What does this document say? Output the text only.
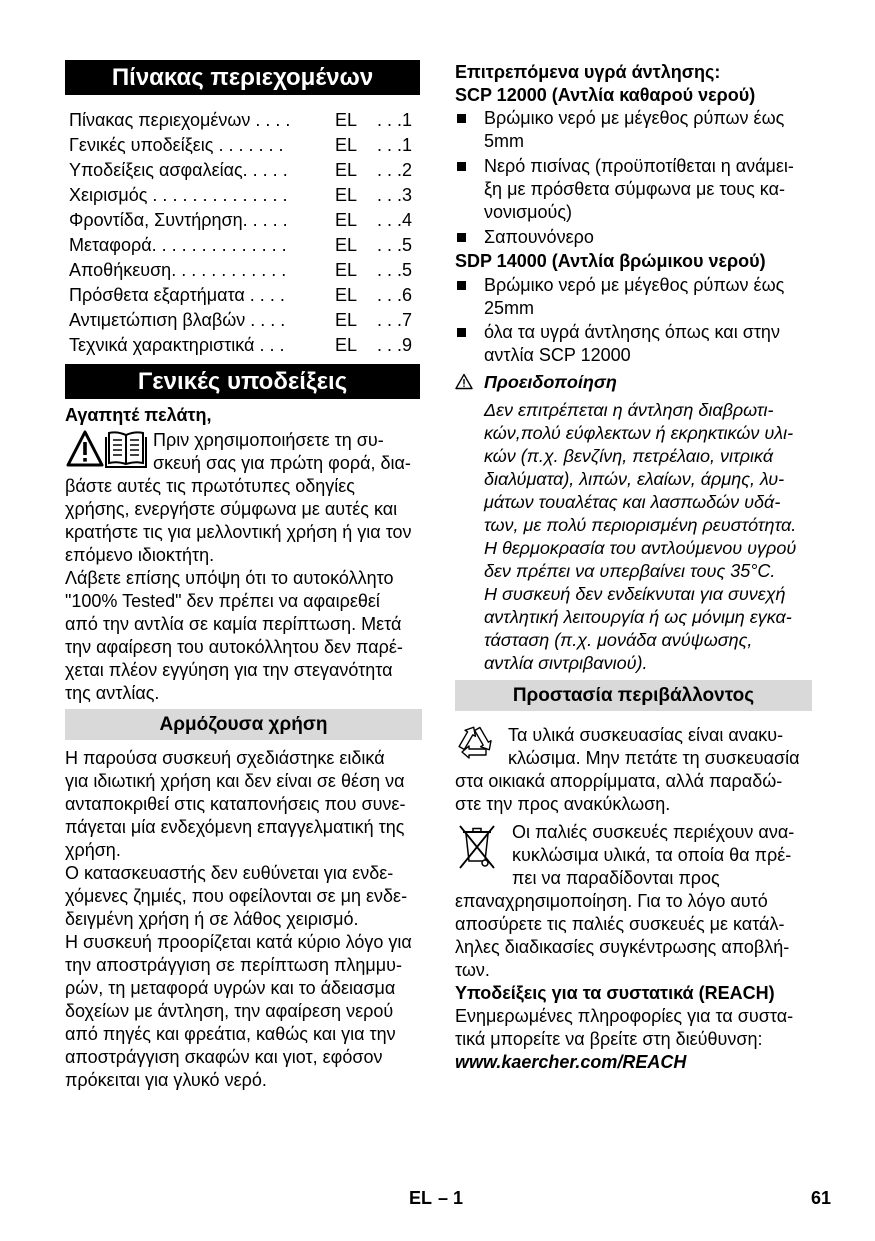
Πίνακας περιεχομένων
Πίνακας περιεχομένων . . . .	EL	. . .1
Γενικές υποδείξεις . . . . . . .	EL	. . .1
Υποδείξεις ασφαλείας. . . . .	EL	. . .2
Χειρισμός . . . . . . . . . . . . . .	EL	. . .3
Φροντίδα, Συντήρηση. . . . .	EL	. . .4
Μεταφορά. . . . . . . . . . . . . .	EL	. . .5
Αποθήκευση. . . . . . . . . . . .	EL	. . .5
Πρόσθετα εξαρτήματα . . . .	EL	. . .6
Αντιμετώπιση βλαβών . . . .	EL	. . .7
Τεχνικά χαρακτηριστικά . . .	EL	. . .9
Γενικές υποδείξεις
Αγαπητέ πελάτη,
Πριν χρησιμοποιήσετε τη συ-
σκευή σας για πρώτη φορά, δια-
βάστε αυτές τις πρωτότυπες οδηγίες
χρήσης, ενεργήστε σύμφωνα με αυτές και
κρατήστε τις για μελλοντική χρήση ή για τον
επόμενο ιδιοκτήτη.
Λάβετε επίσης υπόψη ότι το αυτοκόλλητο
"100% Tested" δεν πρέπει να αφαιρεθεί
από την αντλία σε καμία περίπτωση. Μετά
την αφαίρεση του αυτοκόλλητου δεν παρέ-
χεται πλέον εγγύηση για την στεγανότητα
της αντλίας.
Αρμόζουσα χρήση
Η παρούσα συσκευή σχεδιάστηκε ειδικά
για ιδιωτική χρήση και δεν είναι σε θέση να
ανταποκριθεί στις καταπονήσεις που συνε-
πάγεται μία ενδεχόμενη επαγγελματική της
χρήση.
Ο κατασκευαστής δεν ευθύνεται για ενδε-
χόμενες ζημιές, που οφείλονται σε μη ενδε-
δειγμένη χρήση ή σε λάθος χειρισμό.
Η συσκευή προορίζεται κατά κύριο λόγο για
την αποστράγγιση σε περίπτωση πλημμυ-
ρών, τη μεταφορά υγρών και το άδειασμα
δοχείων με άντληση, την αφαίρεση νερού
από πηγές και φρεάτια, καθώς και για την
αποστράγγιση σκαφών και γιοτ, εφόσον
πρόκειται για γλυκό νερό.
Επιτρεπόμενα υγρά άντλησης:
SCP 12000 (Αντλία καθαρού νερού)
Βρώμικο νερό με μέγεθος ρύπων έως
5mm
Νερό πισίνας (προϋποτίθεται η ανάμει-
ξη με πρόσθετα σύμφωνα με τους κα-
νονισμούς)
Σαπουνόνερο
SDP 14000 (Αντλία βρώμικου νερού)
Βρώμικο νερό με μέγεθος ρύπων έως
25mm
όλα τα υγρά άντλησης όπως και στην
αντλία SCP 12000
Προειδοποίηση
Δεν επιτρέπεται η άντληση διαβρωτι-
κών,πολύ εύφλεκτων ή εκρηκτικών υλι-
κών (π.χ. βενζίνη, πετρέλαιο, νιτρικά
διαλύματα), λιπών, ελαίων, άρμης, λυ-
μάτων τουαλέτας και λασπωδών υδά-
των, με πολύ περιορισμένη ρευστότητα.
Η θερμοκρασία του αντλούμενου υγρού
δεν πρέπει να υπερβαίνει τους 35°C.
Η συσκευή δεν ενδείκνυται για συνεχή
αντλητική λειτουργία ή ως μόνιμη εγκα-
τάσταση (π.χ. μονάδα ανύψωσης,
αντλία σιντριβανιού).
Προστασία περιβάλλοντος
Τα υλικά συσκευασίας είναι ανακυ-
κλώσιμα. Μην πετάτε τη συσκευασία
στα οικιακά απορρίμματα, αλλά παραδώ-
στε την προς ανακύκλωση.
Οι παλιές συσκευές περιέχουν ανα-
κυκλώσιμα υλικά, τα οποία θα πρέ-
πει να παραδίδονται προς
επαναχρησιμοποίηση. Για το λόγο αυτό
αποσύρετε τις παλιές συσκευές με κατάλ-
ληλες διαδικασίες συγκέντρωσης αποβλή-
των.
Υποδείξεις για τα συστατικά (REACH)
Ενημερωμένες πληροφορίες για τα συστα-
τικά μπορείτε να βρείτε στη διεύθυνση:
www.kaercher.com/REACH
EL – 1	61
